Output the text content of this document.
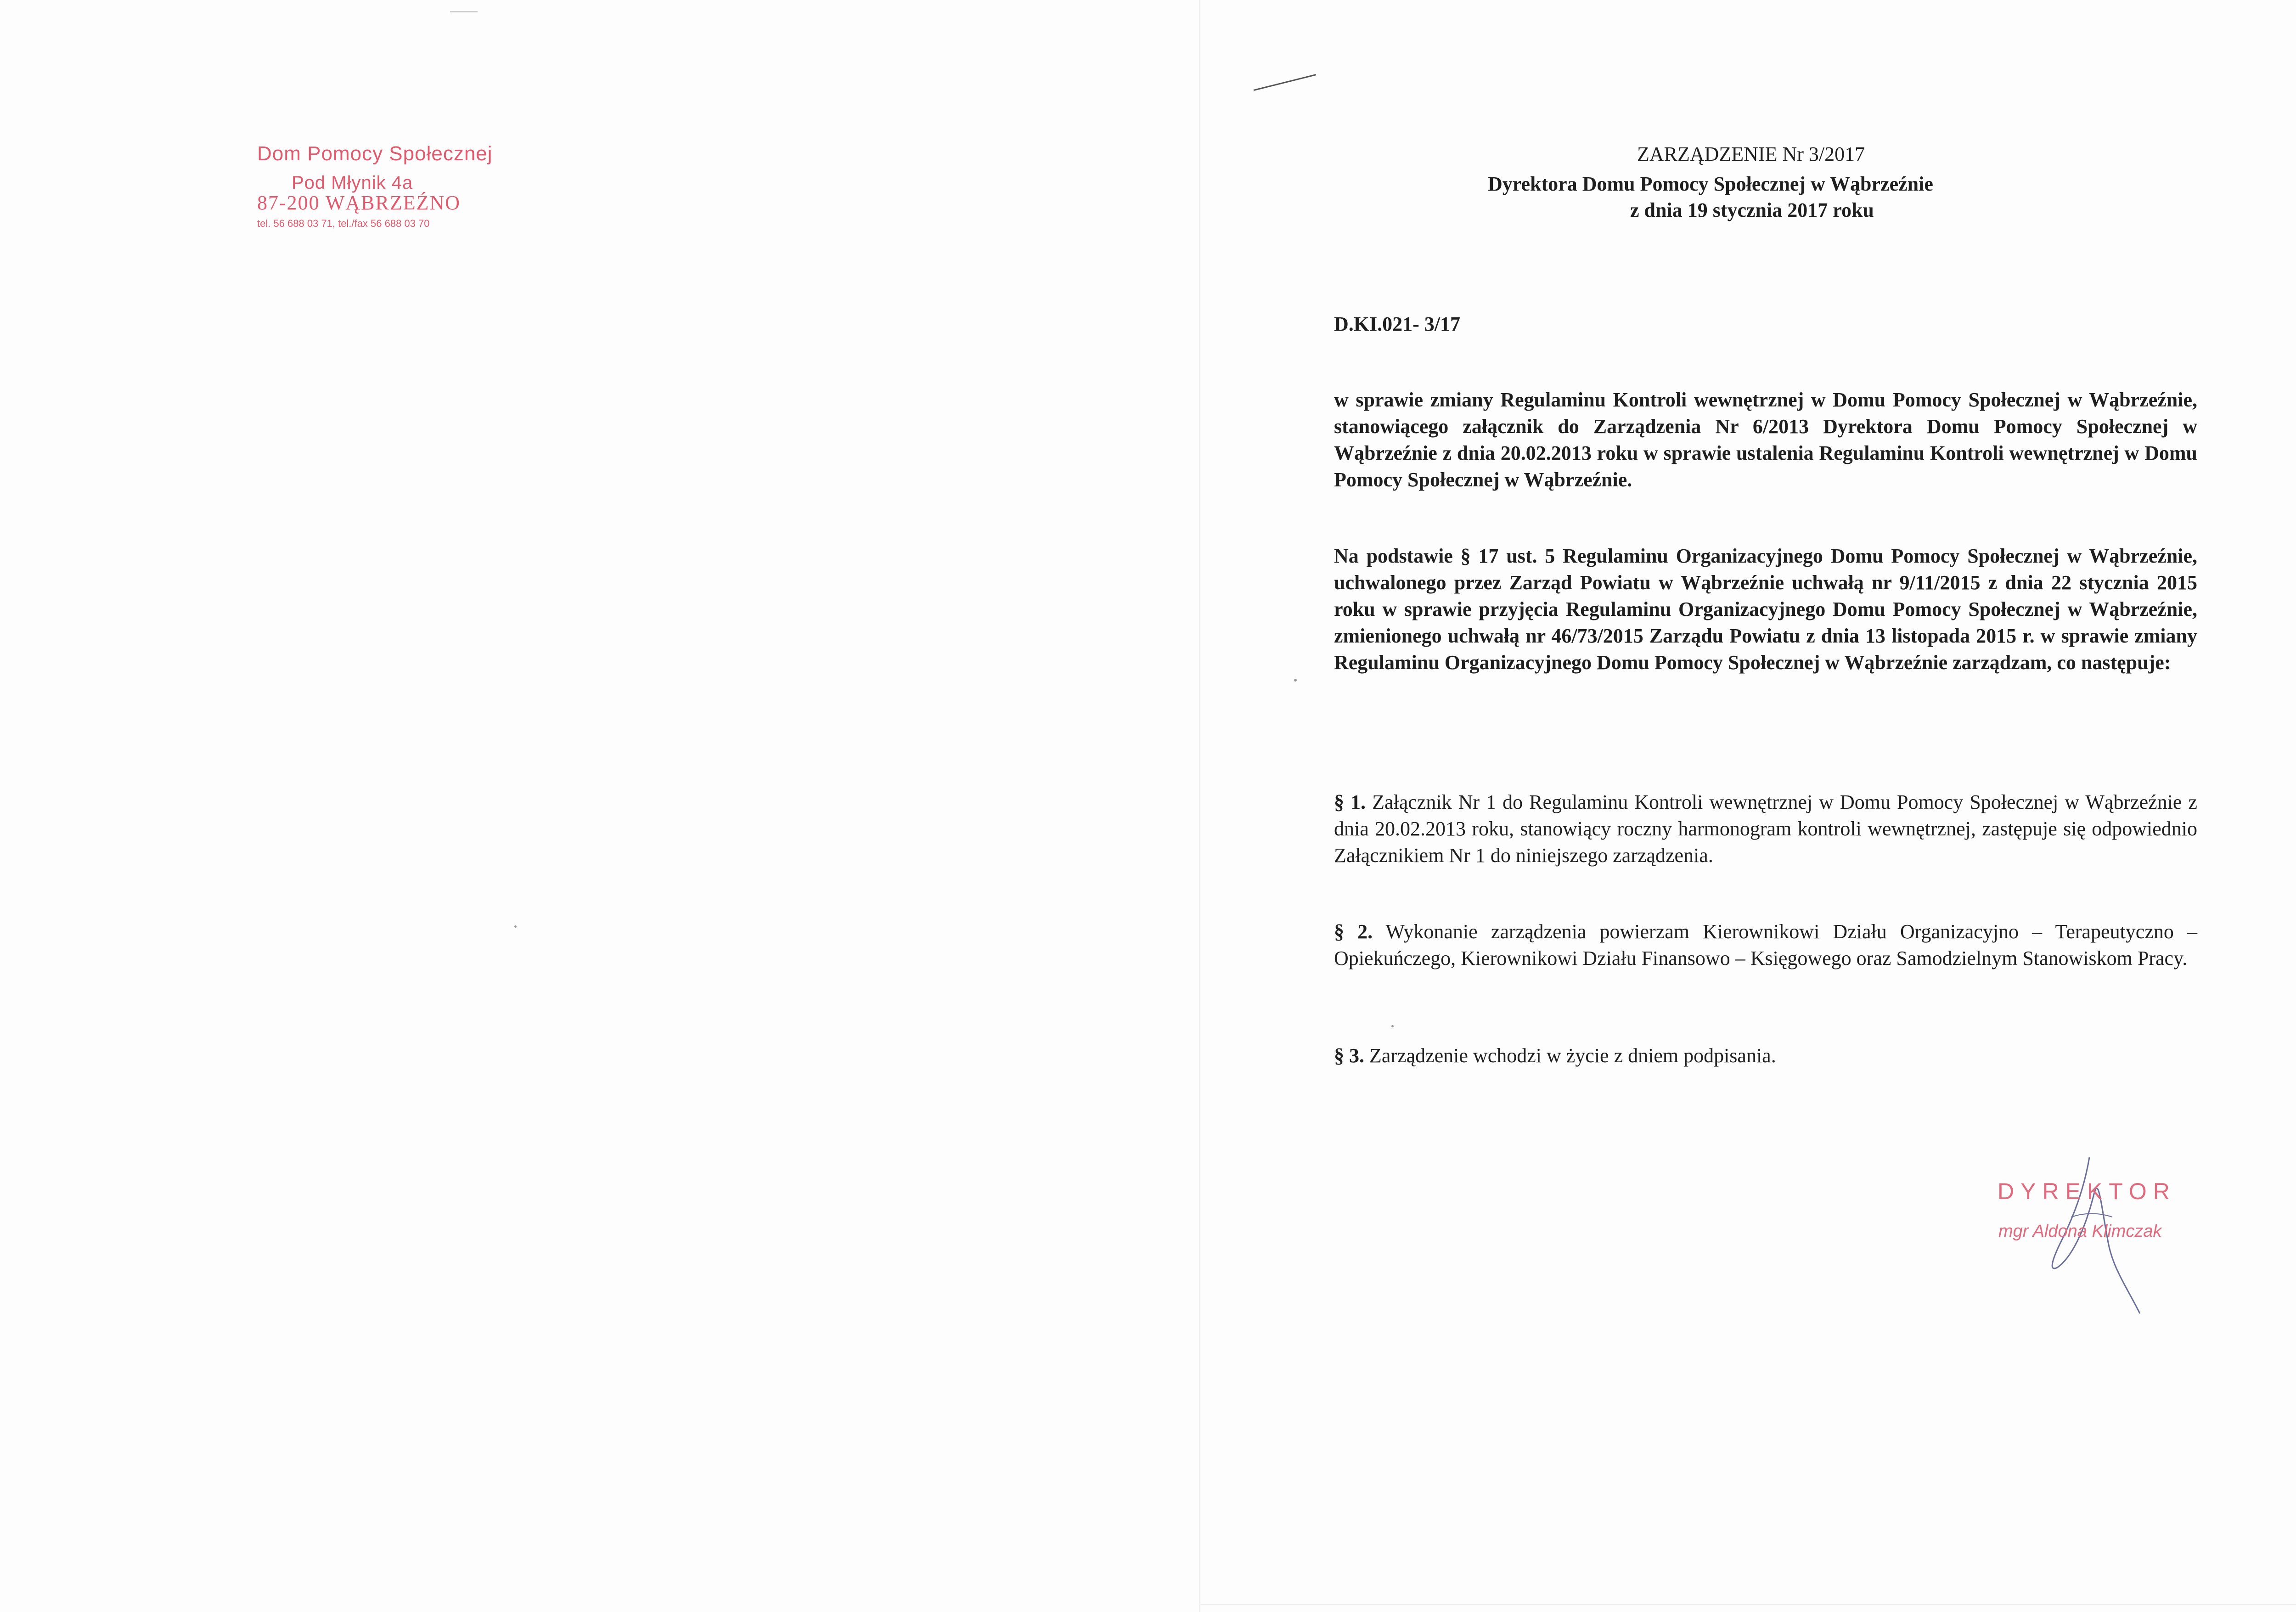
Dom Pomocy Społecznej
Pod Młynik 4a
87-200 WĄBRZEŹNO
tel. 56 688 03 71, tel./fax 56 688 03 70
ZARZĄDZENIE Nr 3/2017
Dyrektora Domu Pomocy Społecznej w Wąbrzeźnie
z dnia 19 stycznia 2017 roku
D.KI.021- 3/17
w sprawie zmiany Regulaminu Kontroli wewnętrznej w Domu Pomocy Społecznej w Wąbrzeźnie, stanowiącego załącznik do Zarządzenia Nr 6/2013 Dyrektora Domu Pomocy Społecznej w Wąbrzeźnie z dnia 20.02.2013 roku w sprawie ustalenia Regulaminu Kontroli wewnętrznej w Domu Pomocy Społecznej w Wąbrzeźnie.
Na podstawie § 17 ust. 5 Regulaminu Organizacyjnego Domu Pomocy Społecznej w Wąbrzeźnie, uchwalonego przez Zarząd Powiatu w Wąbrzeźnie uchwałą nr 9/11/2015 z dnia 22 stycznia 2015 roku w sprawie przyjęcia Regulaminu Organizacyjnego Domu Pomocy Społecznej w Wąbrzeźnie, zmienionego uchwałą nr 46/73/2015 Zarządu Powiatu z dnia 13 listopada 2015 r. w sprawie zmiany Regulaminu Organizacyjnego Domu Pomocy Społecznej w Wąbrzeźnie zarządzam, co następuje:
§ 1. Załącznik Nr 1 do Regulaminu Kontroli wewnętrznej w Domu Pomocy Społecznej w Wąbrzeźnie z dnia 20.02.2013 roku, stanowiący roczny harmonogram kontroli wewnętrznej, zastępuje się odpowiednio Załącznikiem Nr 1 do niniejszego zarządzenia.
§ 2. Wykonanie zarządzenia powierzam Kierownikowi Działu Organizacyjno – Terapeutyczno – Opiekuńczego, Kierownikowi Działu Finansowo – Księgowego oraz Samodzielnym Stanowiskom Pracy.
§ 3. Zarządzenie wchodzi w życie z dniem podpisania.
DYREKTOR
mgr Aldona Klimczak
